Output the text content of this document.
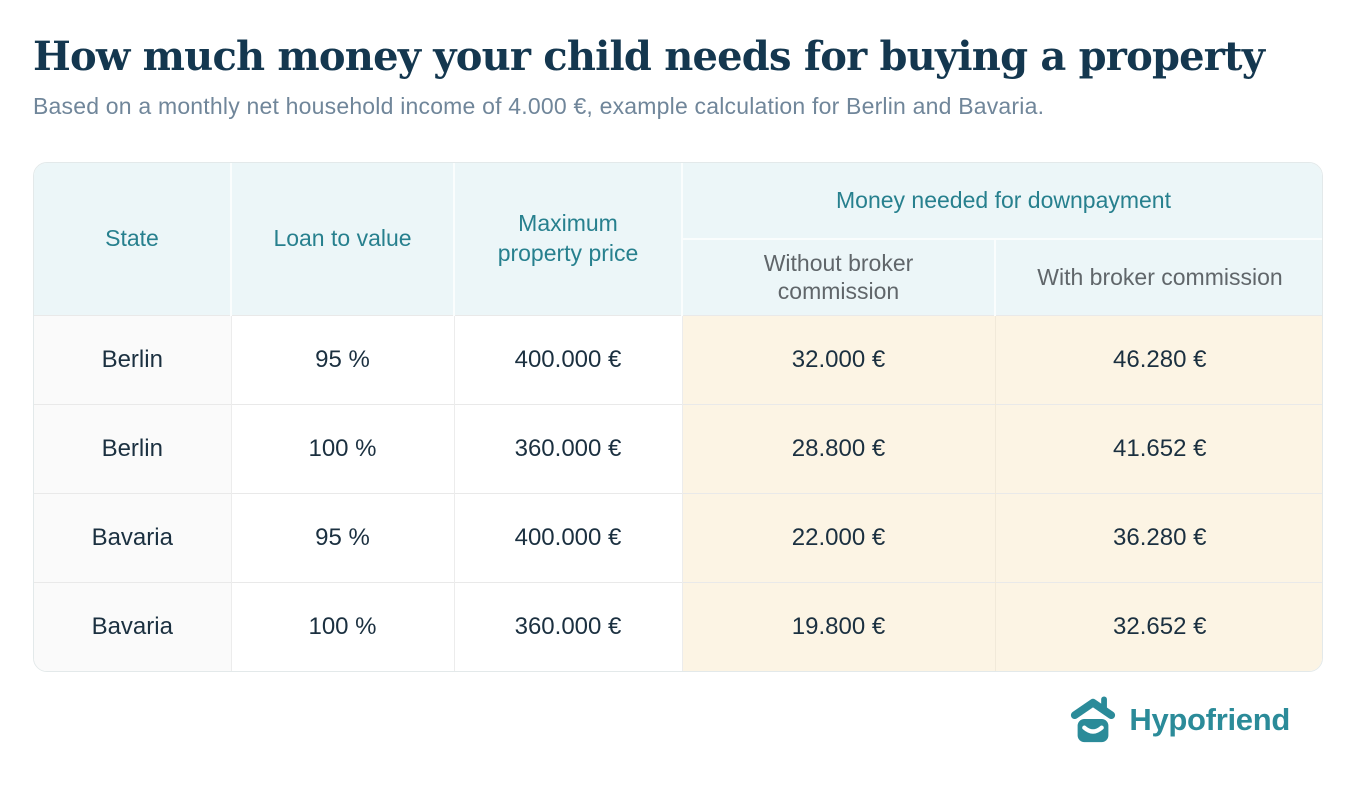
How much money your child needs for buying a property

Based on a monthly net household income of 4.000 €, example calculation for Berlin and Bavaria.

State	Loan to value	Maximum property price	Money needed for downpayment	
			Without broker commission	With broker commission
Berlin	95 %	400.000 €	32.000 €	46.280 €
Berlin	100 %	360.000 €	28.800 €	41.652 €
Bavaria	95 %	400.000 €	22.000 €	36.280 €
Bavaria	100 %	360.000 €	19.800 €	32.652 €
Hypofriend
